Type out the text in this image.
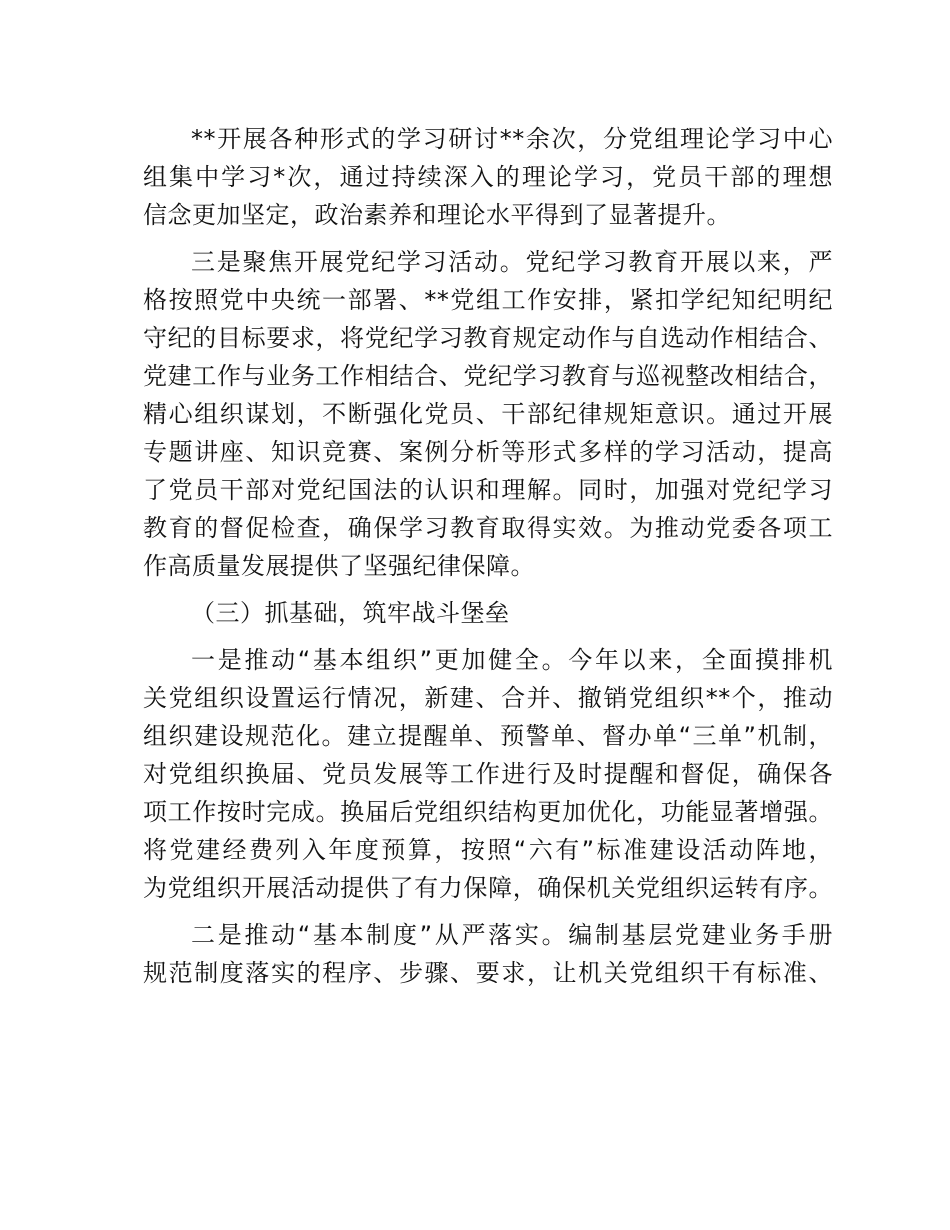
**开展各种形式的学习研讨**余次，分党组理论学习中心
组集中学习*次，通过持续深入的理论学习，党员干部的理想
信念更加坚定，政治素养和理论水平得到了显著提升。
三是聚焦开展党纪学习活动。党纪学习教育开展以来，严
格按照党中央统一部署、**党组工作安排，紧扣学纪知纪明纪
守纪的目标要求，将党纪学习教育规定动作与自选动作相结合、
党建工作与业务工作相结合、党纪学习教育与巡视整改相结合，
精心组织谋划，不断强化党员、干部纪律规矩意识。通过开展
专题讲座、知识竞赛、案例分析等形式多样的学习活动，提高
了党员干部对党纪国法的认识和理解。同时，加强对党纪学习
教育的督促检查，确保学习教育取得实效。为推动党委各项工
作高质量发展提供了坚强纪律保障。
（三）抓基础，筑牢战斗堡垒
一是推动“基本组织”更加健全。今年以来，全面摸排机
关党组织设置运行情况，新建、合并、撤销党组织**个，推动
组织建设规范化。建立提醒单、预警单、督办单“三单”机制，
对党组织换届、党员发展等工作进行及时提醒和督促，确保各
项工作按时完成。换届后党组织结构更加优化，功能显著增强。
将党建经费列入年度预算，按照“六有”标准建设活动阵地，
为党组织开展活动提供了有力保障，确保机关党组织运转有序。
二是推动“基本制度”从严落实。编制基层党建业务手册
规范制度落实的程序、步骤、要求，让机关党组织干有标准、
